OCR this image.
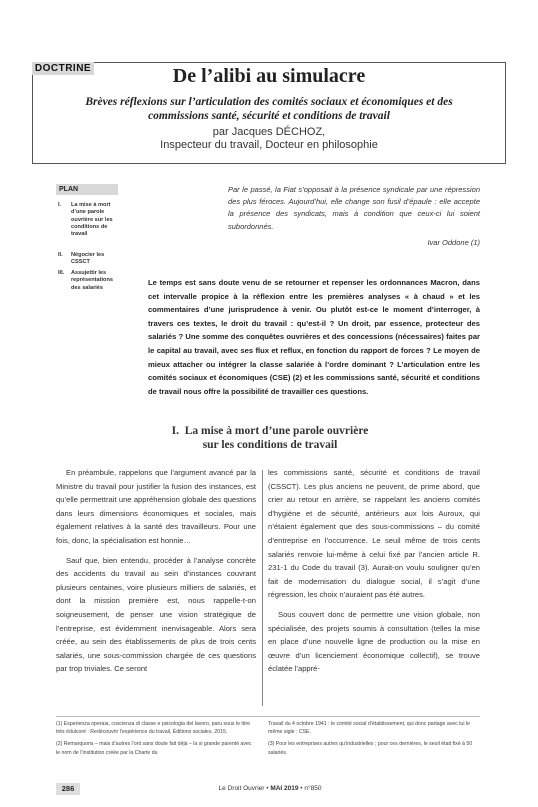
DOCTRINE	De l’alibi au simulacre
Brèves réflexions sur l’articulation des comités sociaux et économiques et des commissions santé, sécurité et conditions de travail
par Jacques DÉCHOZ,
Inspecteur du travail, Docteur en philosophie
PLAN
I. La mise à mort d’une parole ouvrière sur les conditions de travail
II. Négocier les CSSCT
III. Assujettir les représentations des salariés
Par le passé, la Fiat s’opposait à la présence syndicale par une répression des plus féroces. Aujourd’hui, elle change son fusil d’épaule : elle accepte la présence des syndicats, mais à condition que ceux-ci lui soient subordonnés.
Ivar Oddone (1)
Le temps est sans doute venu de se retourner et repenser les ordonnances Macron, dans cet intervalle propice à la réflexion entre les premières analyses « à chaud » et les commentaires d’une jurisprudence à venir. Ou plutôt est-ce le moment d’interroger, à travers ces textes, le droit du travail : qu’est-il ? Un droit, par essence, protecteur des salariés ? Une somme des conquêtes ouvrières et des concessions (nécessaires) faites par le capital au travail, avec ses flux et reflux, en fonction du rapport de forces ? Le moyen de mieux attacher ou intégrer la classe salariée à l’ordre dominant ? L’articulation entre les comités sociaux et économiques (CSE) (2) et les commissions santé, sécurité et conditions de travail nous offre la possibilité de travailler ces questions.
I. La mise à mort d’une parole ouvrière
sur les conditions de travail

En préambule, rappelons que l’argument avancé par la Ministre du travail pour justifier la fusion des instances, est qu’elle permettrait une appréhension globale des questions dans leurs dimensions économiques et sociales, mais également relatives à la santé des travailleurs. Pour une fois, donc, la spécialisation est honnie…

Sauf que, bien entendu, procéder à l’analyse concrète des accidents du travail au sein d’instances couvrant plusieurs centaines, voire plusieurs milliers de salariés, et dont la mission première est, nous rappelle-t-on soigneusement, de penser une vision stratégique de l’entreprise, est évidemment inenvisageable. Alors sera créée, au sein des établissements de plus de trois cents salariés, une sous-commission chargée de ces questions par trop triviales. Ce seront

les commissions santé, sécurité et conditions de travail (CSSCT). Les plus anciens ne peuvent, de prime abord, que crier au retour en arrière, se rappelant les anciens comités d’hygiène et de sécurité, antérieurs aux lois Auroux, qui n’étaient également que des sous-commissions – du comité d’entreprise en l’occurrence. Le seuil même de trois cents salariés renvoie lui-même à celui fixé par l’ancien article R. 231-1 du Code du travail (3). Aurait-on voulu souligner qu’en fait de modernisation du dialogue social, il s’agit d’une régression, les choix n’auraient pas été autres.

Sous couvert donc de permettre une vision globale, non spécialisée, des projets soumis à consultation (telles la mise en place d’une nouvelle ligne de production ou la mise en œuvre d’un licenciement économique collectif), se trouve éclatée l’appré-

(1) Esperienza operaia, coscienza di classe e psicologia del lavoro, paru sous le titre très édulcoré : Redécouvrir l’expérience du travail, Éditions sociales, 2015.
(2) Remarquons – mais d’autres l’ont sans doute fait déjà – la si grande parenté avec le nom de l’institution créée par la Charte du
Travail du 4 octobre 1941 : le comité social d’établissement, qui donc partage avec lui le même sigle : CSE.
(3) Pour les entreprises autres qu’industrielles ; pour ces dernières, le seuil était fixé à 50 salariés.
286	Le Droit Ouvrier • MAI 2019 • n°850
